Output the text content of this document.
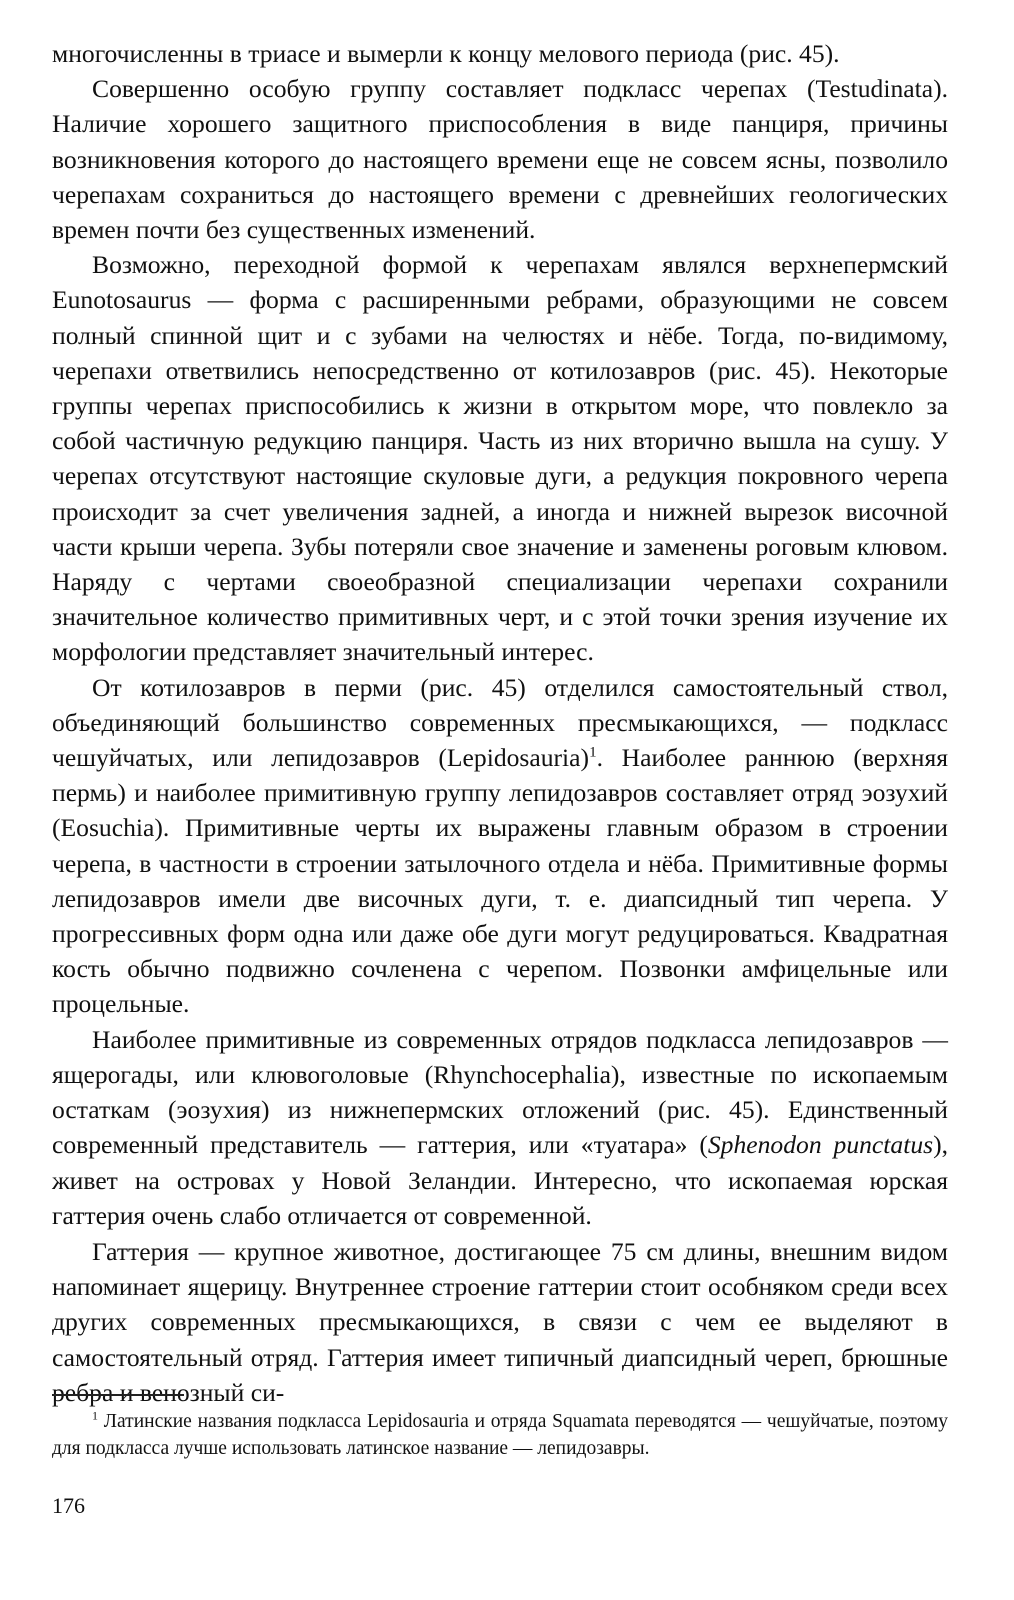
многочисленны в триасе и вымерли к концу мелового периода (рис. 45).

Совершенно особую группу составляет подкласс черепах (Testudinata). Наличие хорошего защитного приспособления в виде панциря, причины возникновения которого до настоящего времени еще не совсем ясны, позволило черепахам сохраниться до настоящего времени с древнейших геологических времен почти без существенных изменений.

Возможно, переходной формой к черепахам являлся верхнепермский Eunotosaurus — форма с расширенными ребрами, образующими не совсем полный спинной щит и с зубами на челюстях и нёбе. Тогда, по-видимому, черепахи ответвились непосредственно от котилозавров (рис. 45). Некоторые группы черепах приспособились к жизни в открытом море, что повлекло за собой частичную редукцию панциря. Часть из них вторично вышла на сушу. У черепах отсутствуют настоящие скуловые дуги, а редукция покровного черепа происходит за счет увеличения задней, а иногда и нижней вырезок височной части крыши черепа. Зубы потеряли свое значение и заменены роговым клювом. Наряду с чертами своеобразной специализации черепахи сохранили значительное количество примитивных черт, и с этой точки зрения изучение их морфологии представляет значительный интерес.

От котилозавров в перми (рис. 45) отделился самостоятельный ствол, объединяющий большинство современных пресмыкающихся, — подкласс чешуйчатых, или лепидозавров (Lepidosauria)$^1$. Наиболее раннюю (верхняя пермь) и наиболее примитивную группу лепидозавров составляет отряд эозухий (Eosuchia). Примитивные черты их выражены главным образом в строении черепа, в частности в строении затылочного отдела и нёба. Примитивные формы лепидозавров имели две височных дуги, т. е. диапсидный тип черепа. У прогрессивных форм одна или даже обе дуги могут редуцироваться. Квадратная кость обычно подвижно сочленена с черепом. Позвонки амфицельные или процельные.

Наиболее примитивные из современных отрядов подкласса лепидозавров — ящерогады, или клювоголовые (Rhynchocephalia), известные по ископаемым остаткам (эозухия) из нижнепермских отложений (рис. 45). Единственный современный представитель — гаттерия, или «туатара» (Sphenodon punctatus), живет на островах у Новой Зеландии. Интересно, что ископаемая юрская гаттерия очень слабо отличается от современной.

Гаттерия — крупное животное, достигающее 75 см длины, внешним видом напоминает ящерицу. Внутреннее строение гаттерии стоит особняком среди всех других современных пресмыкающихся, в связи с чем ее выделяют в самостоятельный отряд. Гаттерия имеет типичный диапсидный череп, брюшные ребра и венозный си-

$^1$ Латинские названия подкласса Lepidosauria и отряда Squamata переводятся — чешуйчатые, поэтому для подкласса лучше использовать латинское название — лепидозавры.
176
